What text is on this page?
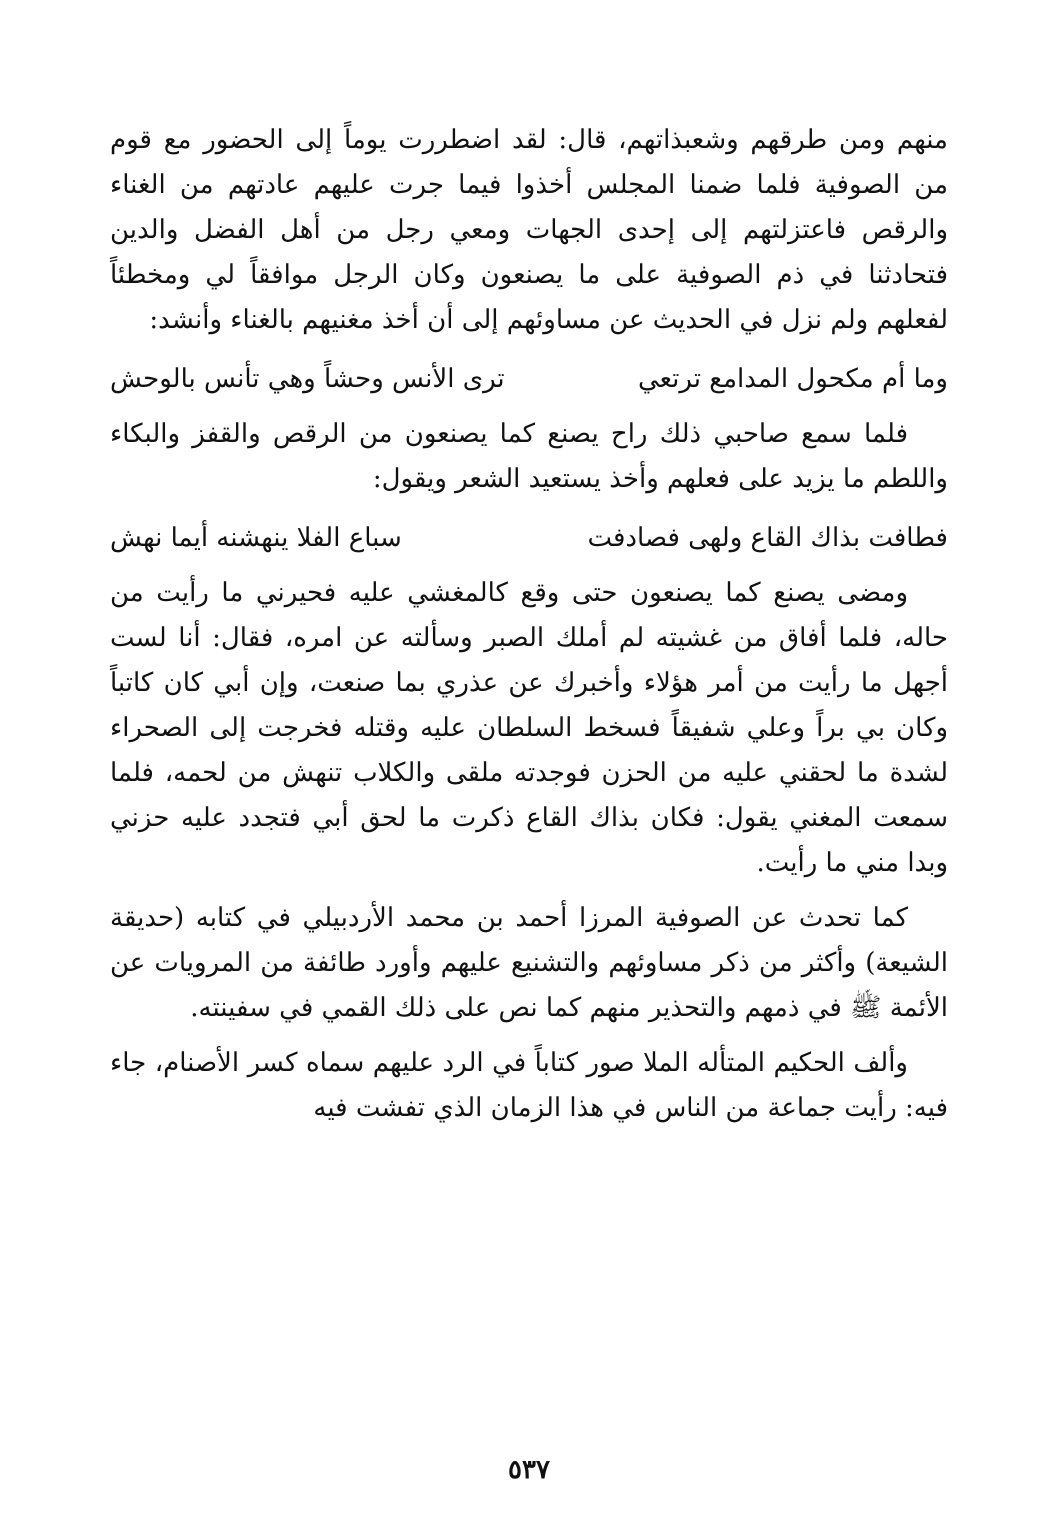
منهم ومن طرقهم وشعبذاتهم، قال: لقد اضطررت يوماً إلى الحضور مع قوم من الصوفية فلما ضمنا المجلس أخذوا فيما جرت عليهم عادتهم من الغناء والرقص فاعتزلتهم إلى إحدى الجهات ومعي رجل من أهل الفضل والدين فتحادثنا في ذم الصوفية على ما يصنعون وكان الرجل موافقاً لي ومخطئاً لفعلهم ولم نزل في الحديث عن مساوئهم إلى أن أخذ مغنيهم بالغناء وأنشد:

وما أم مكحول المدامع ترتعي
ترى الأنس وحشاً وهي تأنس بالوحش

فلما سمع صاحبي ذلك راح يصنع كما يصنعون من الرقص والقفز والبكاء واللطم ما يزيد على فعلهم وأخذ يستعيد الشعر ويقول:

فطافت بذاك القاع ولهى فصادفت
سباع الفلا ينهشنه أيما نهش

ومضى يصنع كما يصنعون حتى وقع كالمغشي عليه فحيرني ما رأيت من حاله، فلما أفاق من غشيته لم أملك الصبر وسألته عن امره، فقال: أنا لست أجهل ما رأيت من أمر هؤلاء وأخبرك عن عذري بما صنعت، وإن أبي كان كاتباً وكان بي براً وعلي شفيقاً فسخط السلطان عليه وقتله فخرجت إلى الصحراء لشدة ما لحقني عليه من الحزن فوجدته ملقى والكلاب تنهش من لحمه، فلما سمعت المغني يقول: فكان بذاك القاع ذكرت ما لحق أبي فتجدد عليه حزني وبدا مني ما رأيت.

كما تحدث عن الصوفية المرزا أحمد بن محمد الأردبيلي في كتابه (حديقة الشيعة) وأكثر من ذكر مساوئهم والتشنيع عليهم وأورد طائفة من المرويات عن الأئمة ﷺ في ذمهم والتحذير منهم كما نص على ذلك القمي في سفينته.

وألف الحكيم المتأله الملا صور كتاباً في الرد عليهم سماه كسر الأصنام، جاء فيه: رأيت جماعة من الناس في هذا الزمان الذي تفشت فيه

٥٣٧
